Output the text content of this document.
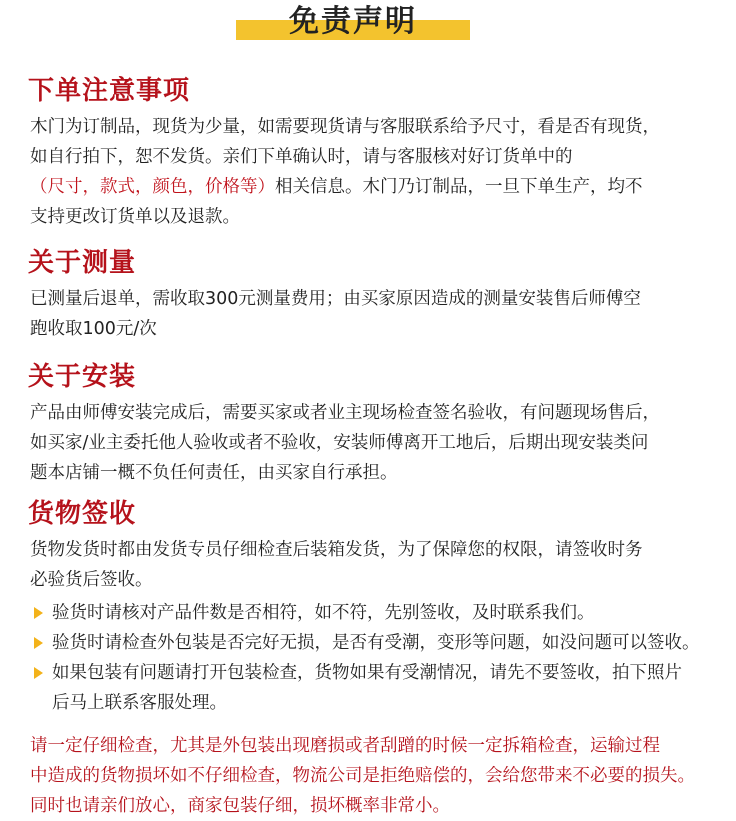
免责声明
下单注意事项
木门为订制品，现货为少量，如需要现货请与客服联系给予尺寸，看是否有现货，
如自行拍下，恕不发货。亲们下单确认时，请与客服核对好订货单中的
（尺寸，款式，颜色，价格等）相关信息。木门乃订制品，一旦下单生产，均不
支持更改订货单以及退款。
关于测量
已测量后退单，需收取300元测量费用；由买家原因造成的测量安装售后师傅空
跑收取100元/次
关于安装
产品由师傅安装完成后，需要买家或者业主现场检查签名验收，有问题现场售后，
如买家/业主委托他人验收或者不验收，安装师傅离开工地后，后期出现安装类问
题本店铺一概不负任何责任，由买家自行承担。
货物签收
货物发货时都由发货专员仔细检查后装箱发货，为了保障您的权限，请签收时务
必验货后签收。
验货时请核对产品件数是否相符，如不符，先别签收，及时联系我们。
验货时请检查外包装是否完好无损，是否有受潮，变形等问题，如没问题可以签收。
如果包装有问题请打开包装检查，货物如果有受潮情况，请先不要签收，拍下照片
后马上联系客服处理。
请一定仔细检查，尤其是外包装出现磨损或者刮蹭的时候一定拆箱检查，运输过程
中造成的货物损坏如不仔细检查，物流公司是拒绝赔偿的，会给您带来不必要的损失。
同时也请亲们放心，商家包装仔细，损坏概率非常小。
